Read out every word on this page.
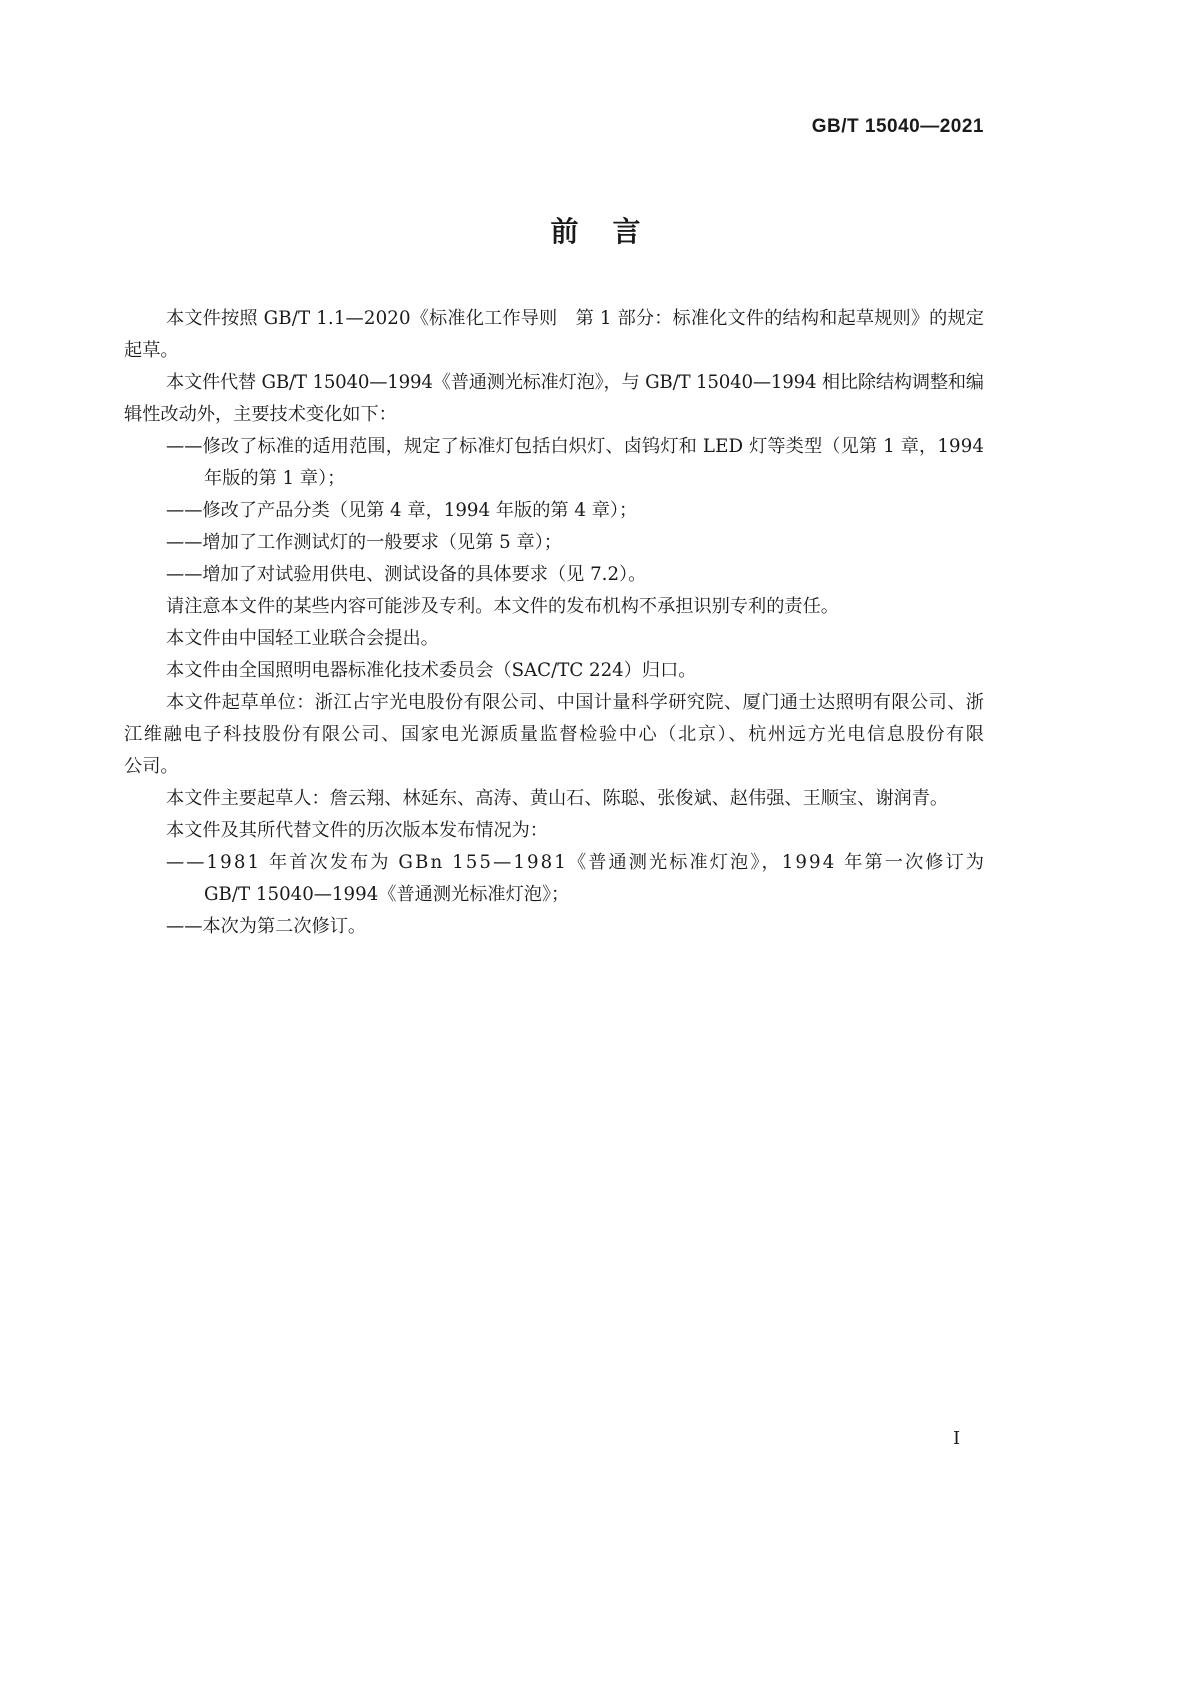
GB/T 15040—2021
前言
本文件按照 GB/T 1.1—2020《标准化工作导则　第 1 部分：标准化文件的结构和起草规则》的规定
起草。
本文件代替 GB/T 15040—1994《普通测光标准灯泡》，与 GB/T 15040—1994 相比除结构调整和编
辑性改动外，主要技术变化如下：
——修改了标准的适用范围，规定了标准灯包括白炽灯、卤钨灯和 LED 灯等类型（见第 1 章，1994
年版的第 1 章）；
——修改了产品分类（见第 4 章，1994 年版的第 4 章）；
——增加了工作测试灯的一般要求（见第 5 章）；
——增加了对试验用供电、测试设备的具体要求（见 7.2）。
请注意本文件的某些内容可能涉及专利。本文件的发布机构不承担识别专利的责任。
本文件由中国轻工业联合会提出。
本文件由全国照明电器标准化技术委员会（SAC/TC 224）归口。
本文件起草单位：浙江占宇光电股份有限公司、中国计量科学研究院、厦门通士达照明有限公司、浙
江维融电子科技股份有限公司、国家电光源质量监督检验中心（北京）、杭州远方光电信息股份有限
公司。
本文件主要起草人：詹云翔、林延东、高涛、黄山石、陈聪、张俊斌、赵伟强、王顺宝、谢润青。
本文件及其所代替文件的历次版本发布情况为：
——1981 年首次发布为 GBn 155—1981《普通测光标准灯泡》，1994 年第一次修订为
GB/T 15040—1994《普通测光标准灯泡》；
——本次为第二次修订。
I
